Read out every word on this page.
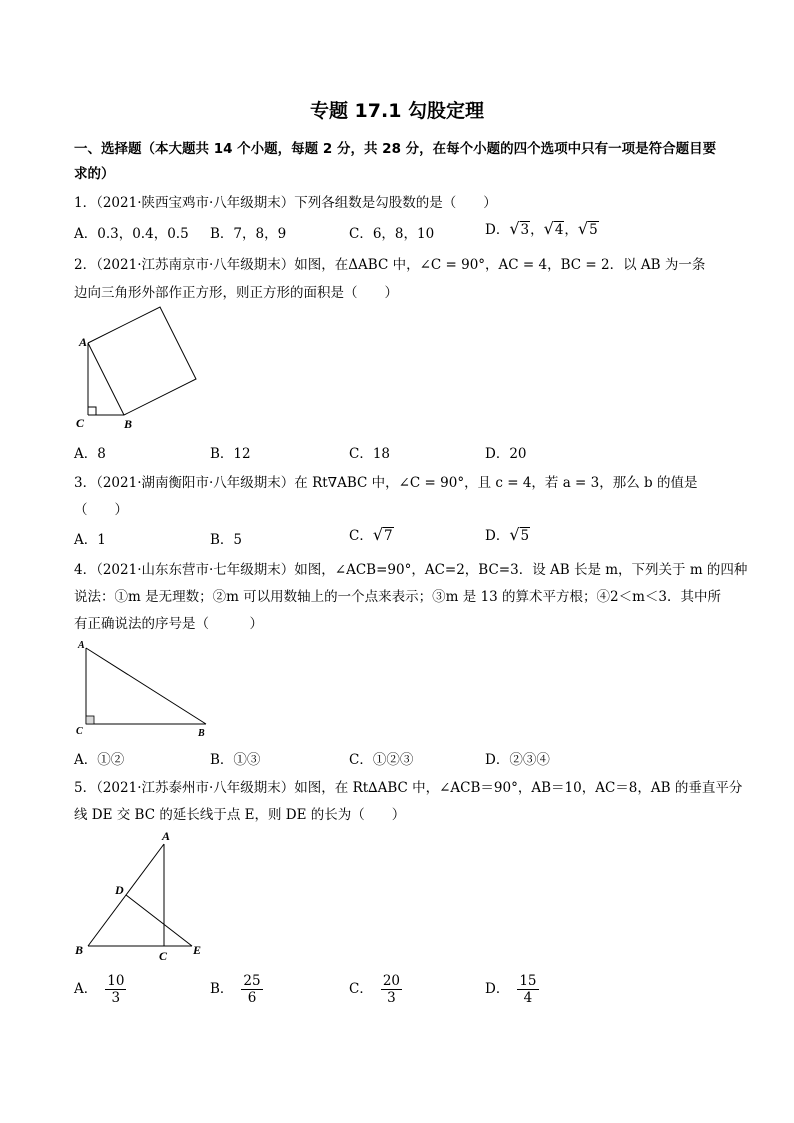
专题 17.1 勾股定理
一、选择题（本大题共 14 个小题，每题 2 分，共 28 分，在每个小题的四个选项中只有一项是符合题目要
求的）
1．（2021·陕西宝鸡市·八年级期末）下列各组数是勾股数的是（　　）
A．0.3，0.4，0.5 B．7，8，9	C．6，8，10	D．√3，√4，√5
2．（2021·江苏南京市·八年级期末）如图，在ΔABC 中，∠C = 90°，AC = 4，BC = 2．以 AB 为一条
边向三角形外部作正方形，则正方形的面积是（　　）
A
C	B
A．8	B．12	C．18	D．20
3．（2021·湖南衡阳市·八年级期末）在 Rt∇ABC 中，∠C = 90°，且 c = 4，若 a = 3，那么 b 的值是
（　　）
A．1	B．5	C．√7	D．√5
4．（2021·山东东营市·七年级期末）如图，∠ACB=90°，AC=2，BC=3．设 AB 长是 m，下列关于 m 的四种
说法：①m 是无理数；②m 可以用数轴上的一个点来表示；③m 是 13 的算术平方根；④2＜m＜3．其中所
有正确说法的序号是（　　　）
A
C	B
A．①②	B．①③	C．①②③	D．②③④
5．（2021·江苏泰州市·八年级期末）如图，在 Rt∆ABC 中，∠ACB＝90°，AB＝10，AC＝8，AB 的垂直平分
线 DE 交 BC 的延长线于点 E，则 DE 的长为（　　）
A
D
B	C E
A． $\frac{10}{3}$	B． $\frac{25}{6}$	C． $\frac{20}{3}$	D． $\frac{15}{4}$
